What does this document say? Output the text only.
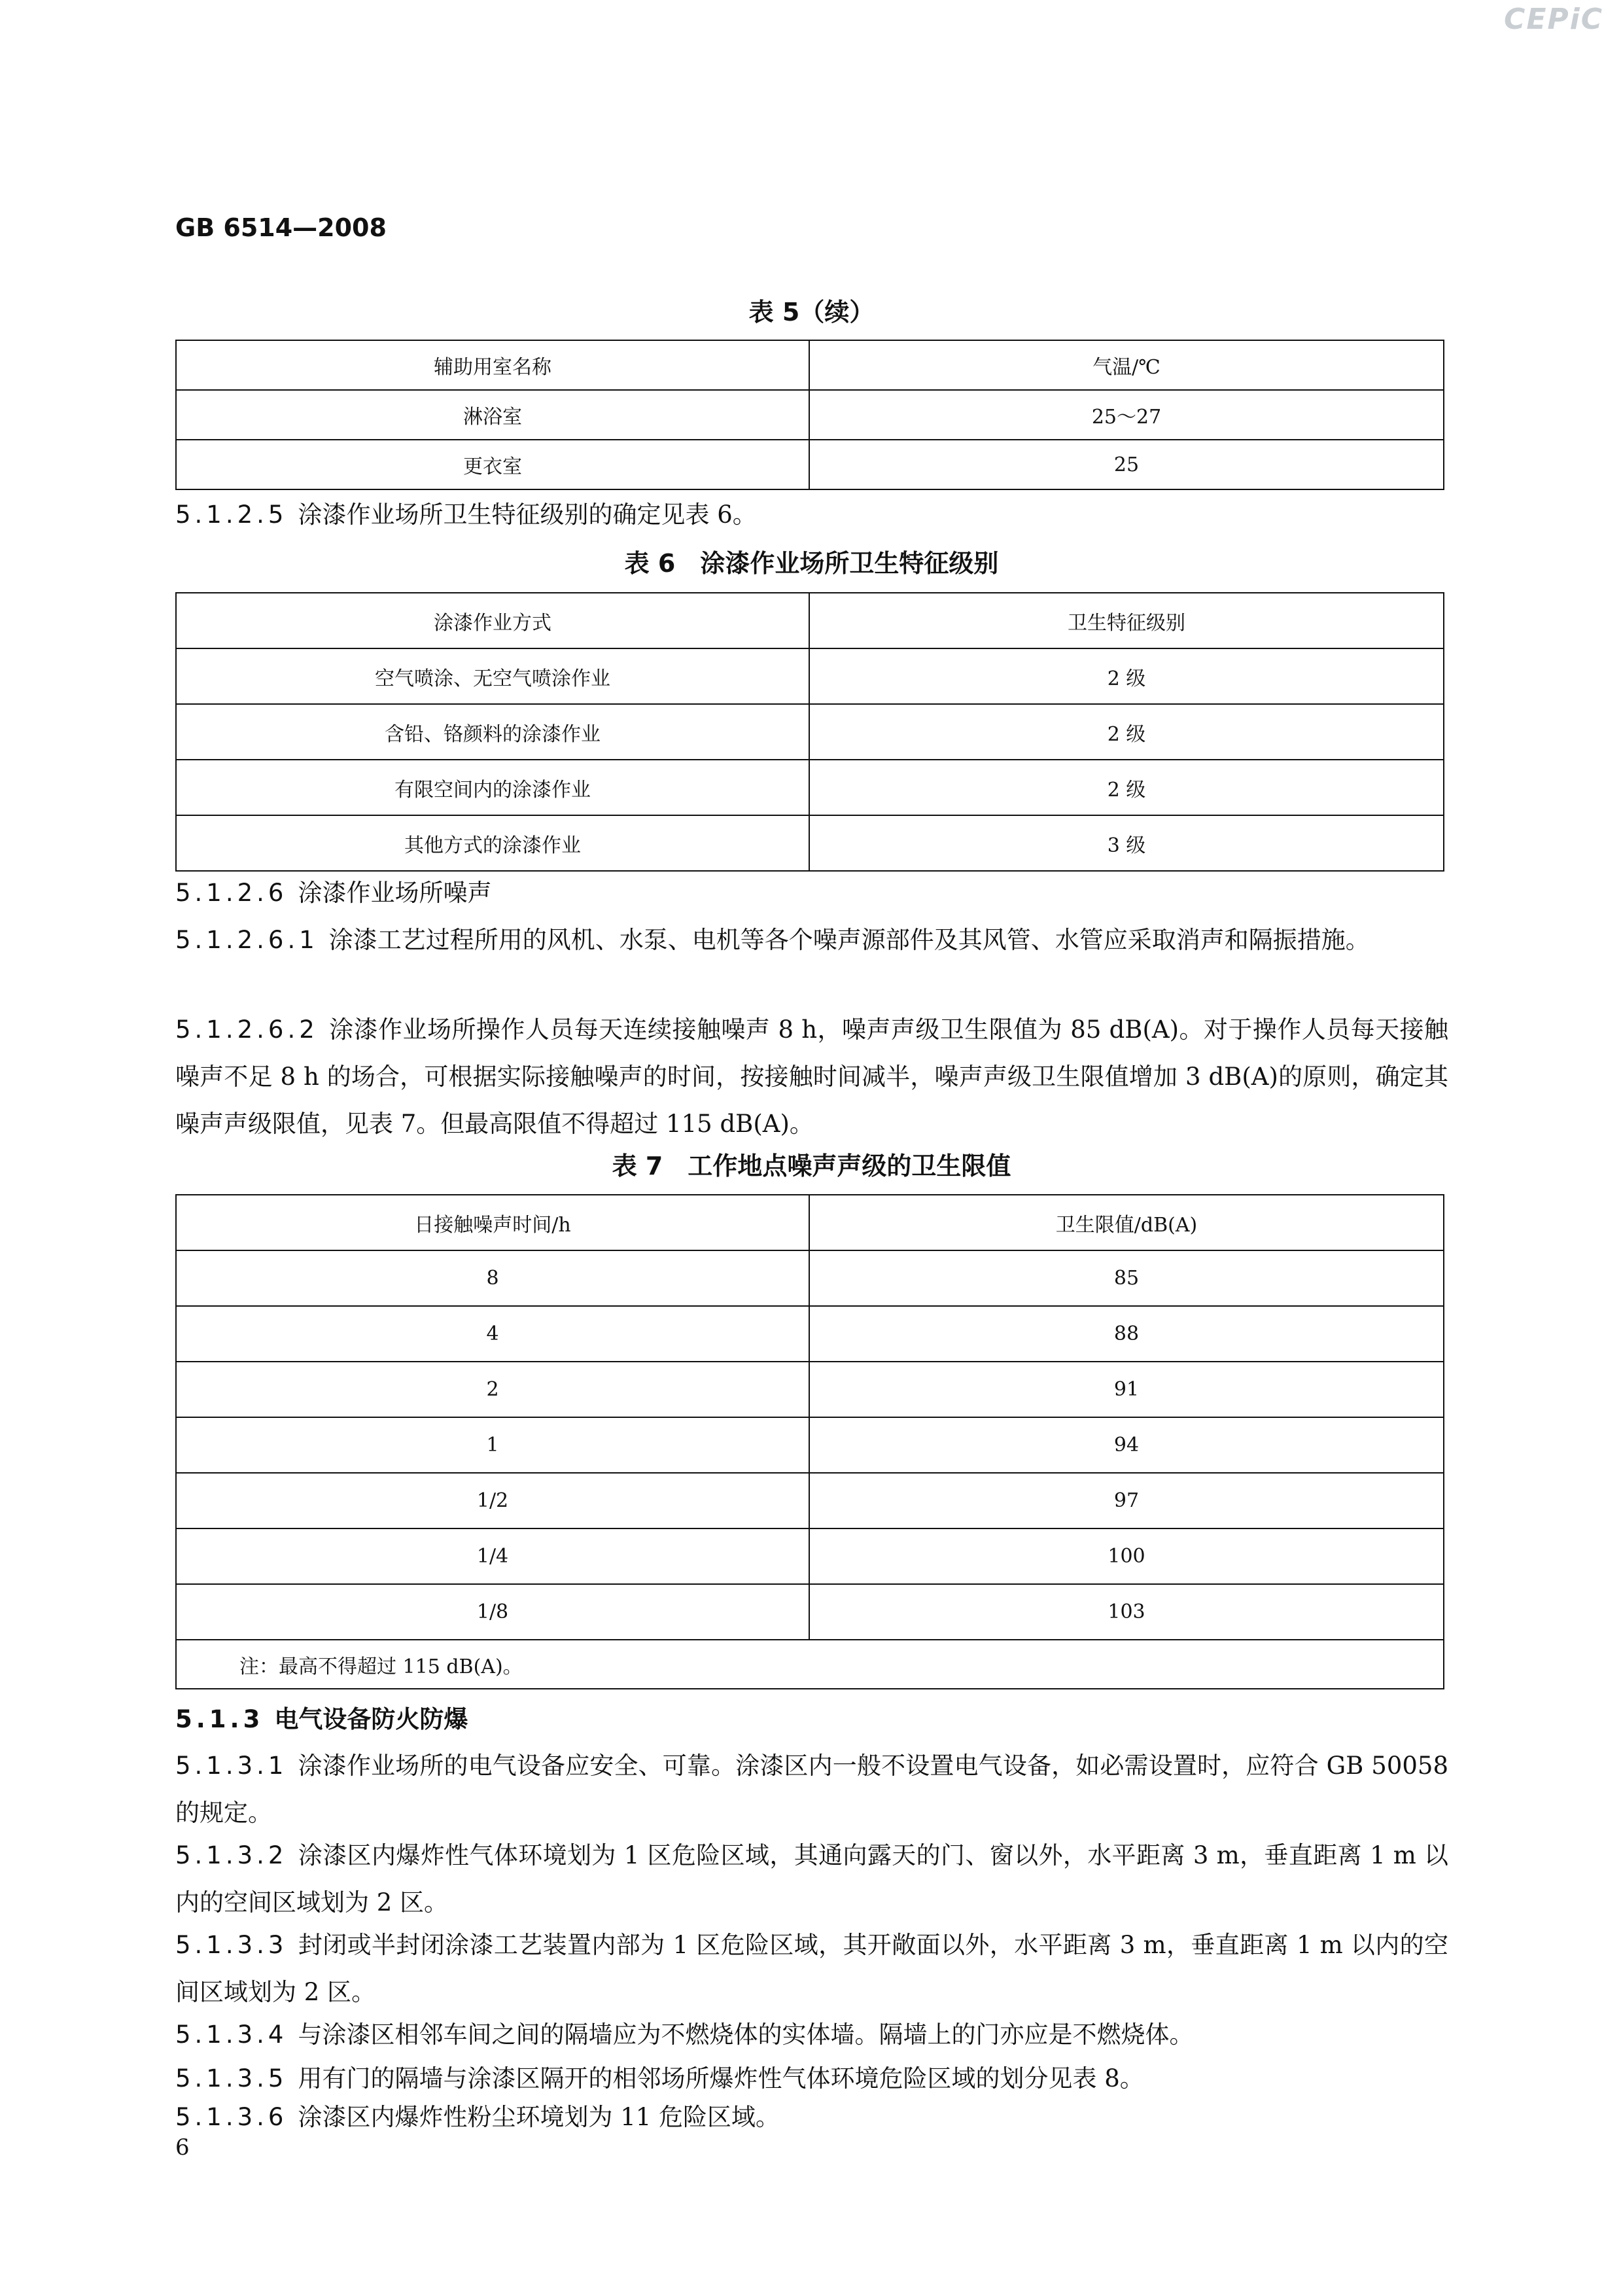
CEPiC
GB 6514—2008
表 5（续）
辅助用室名称	气温/℃
淋浴室	25～27
更衣室	25
5.1.2.5 涂漆作业场所卫生特征级别的确定见表 6。
表 6　涂漆作业场所卫生特征级别
涂漆作业方式	卫生特征级别
空气喷涂、无空气喷涂作业	2 级
含铅、铬颜料的涂漆作业	2 级
有限空间内的涂漆作业	2 级
其他方式的涂漆作业	3 级
5.1.2.6 涂漆作业场所噪声
5.1.2.6.1 涂漆工艺过程所用的风机、水泵、电机等各个噪声源部件及其风管、水管应采取消声和隔振措施。
5.1.2.6.2 涂漆作业场所操作人员每天连续接触噪声 8 h，噪声声级卫生限值为 85 dB(A)。对于操作人员每天接触噪声不足 8 h 的场合，可根据实际接触噪声的时间，按接触时间减半，噪声声级卫生限值增加 3 dB(A)的原则，确定其噪声声级限值，见表 7。但最高限值不得超过 115 dB(A)。
表 7　工作地点噪声声级的卫生限值
日接触噪声时间/h	卫生限值/dB(A)
8	85
4	88
2	91
1	94
1/2	97
1/4	100
1/8	103
注：最高不得超过 115 dB(A)。	
5.1.3 电气设备防火防爆
5.1.3.1 涂漆作业场所的电气设备应安全、可靠。涂漆区内一般不设置电气设备，如必需设置时，应符合 GB 50058 的规定。
5.1.3.2 涂漆区内爆炸性气体环境划为 1 区危险区域，其通向露天的门、窗以外，水平距离 3 m，垂直距离 1 m 以内的空间区域划为 2 区。
5.1.3.3 封闭或半封闭涂漆工艺装置内部为 1 区危险区域，其开敞面以外，水平距离 3 m，垂直距离 1 m 以内的空间区域划为 2 区。
5.1.3.4 与涂漆区相邻车间之间的隔墙应为不燃烧体的实体墙。隔墙上的门亦应是不燃烧体。
5.1.3.5 用有门的隔墙与涂漆区隔开的相邻场所爆炸性气体环境危险区域的划分见表 8。
5.1.3.6 涂漆区内爆炸性粉尘环境划为 11 危险区域。
6
